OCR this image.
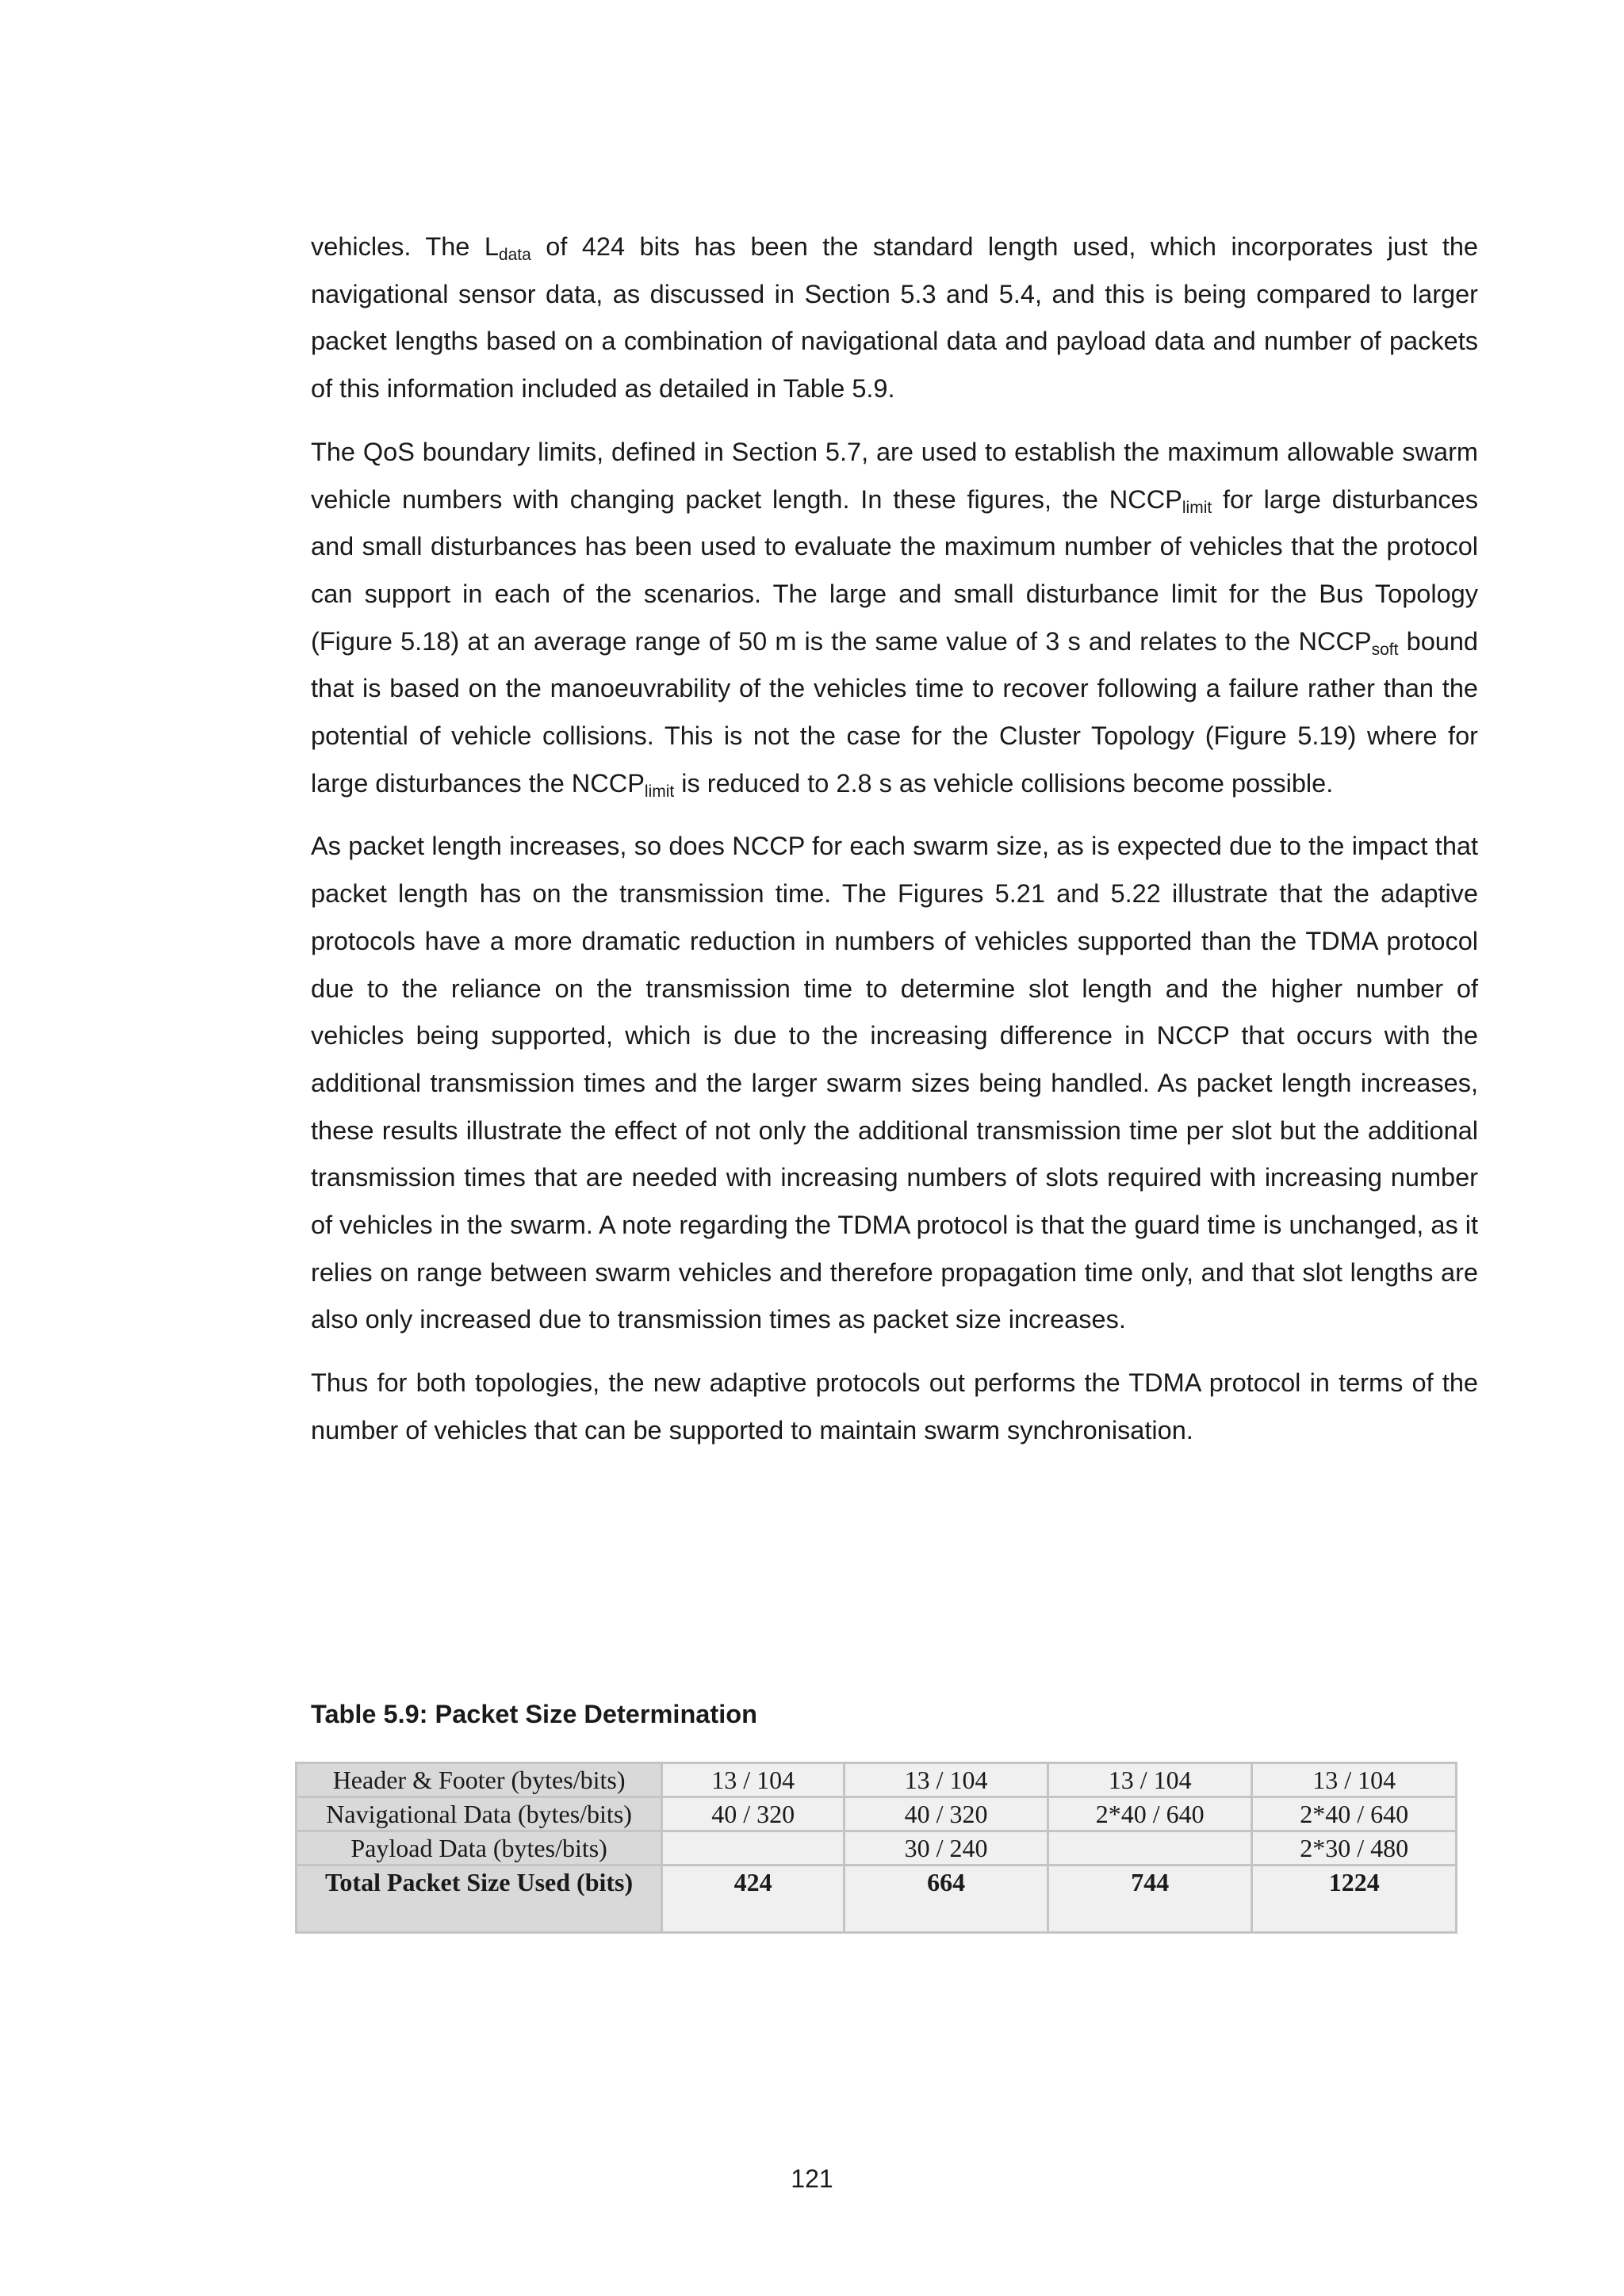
vehicles. The $L_{data}$ of 424 bits has been the standard length used, which incorporates just the navigational sensor data, as discussed in Section 5.3 and 5.4, and this is being compared to larger packet lengths based on a combination of navigational data and payload data and number of packets of this information included as detailed in Table 5.9.

The QoS boundary limits, defined in Section 5.7, are used to establish the maximum allowable swarm vehicle numbers with changing packet length. In these figures, the $NCCP_{limit}$ for large disturbances and small disturbances has been used to evaluate the maximum number of vehicles that the protocol can support in each of the scenarios. The large and small disturbance limit for the Bus Topology (Figure 5.18) at an average range of 50 m is the same value of 3 s and relates to the $NCCP_{soft}$ bound that is based on the manoeuvrability of the vehicles time to recover following a failure rather than the potential of vehicle collisions. This is not the case for the Cluster Topology (Figure 5.19) where for large disturbances the $NCCP_{limit}$ is reduced to 2.8 s as vehicle collisions become possible.

As packet length increases, so does NCCP for each swarm size, as is expected due to the impact that packet length has on the transmission time. The Figures 5.21 and 5.22 illustrate that the adaptive protocols have a more dramatic reduction in numbers of vehicles supported than the TDMA protocol due to the reliance on the transmission time to determine slot length and the higher number of vehicles being supported, which is due to the increasing difference in NCCP that occurs with the additional transmission times and the larger swarm sizes being handled. As packet length increases, these results illustrate the effect of not only the additional transmission time per slot but the additional transmission times that are needed with increasing numbers of slots required with increasing number of vehicles in the swarm. A note regarding the TDMA protocol is that the guard time is unchanged, as it relies on range between swarm vehicles and therefore propagation time only, and that slot lengths are also only increased due to transmission times as packet size increases.

Thus for both topologies, the new adaptive protocols out performs the TDMA protocol in terms of the number of vehicles that can be supported to maintain swarm synchronisation.

Table 5.9: Packet Size Determination

Header & Footer (bytes/bits)	13 / 104	13 / 104	13 / 104	13 / 104
Navigational Data (bytes/bits)	40 / 320	40 / 320	2*40 / 640	2*40 / 640
Payload Data (bytes/bits)		30 / 240		2*30 / 480
Total Packet Size Used (bits)	424	664	744	1224
121
